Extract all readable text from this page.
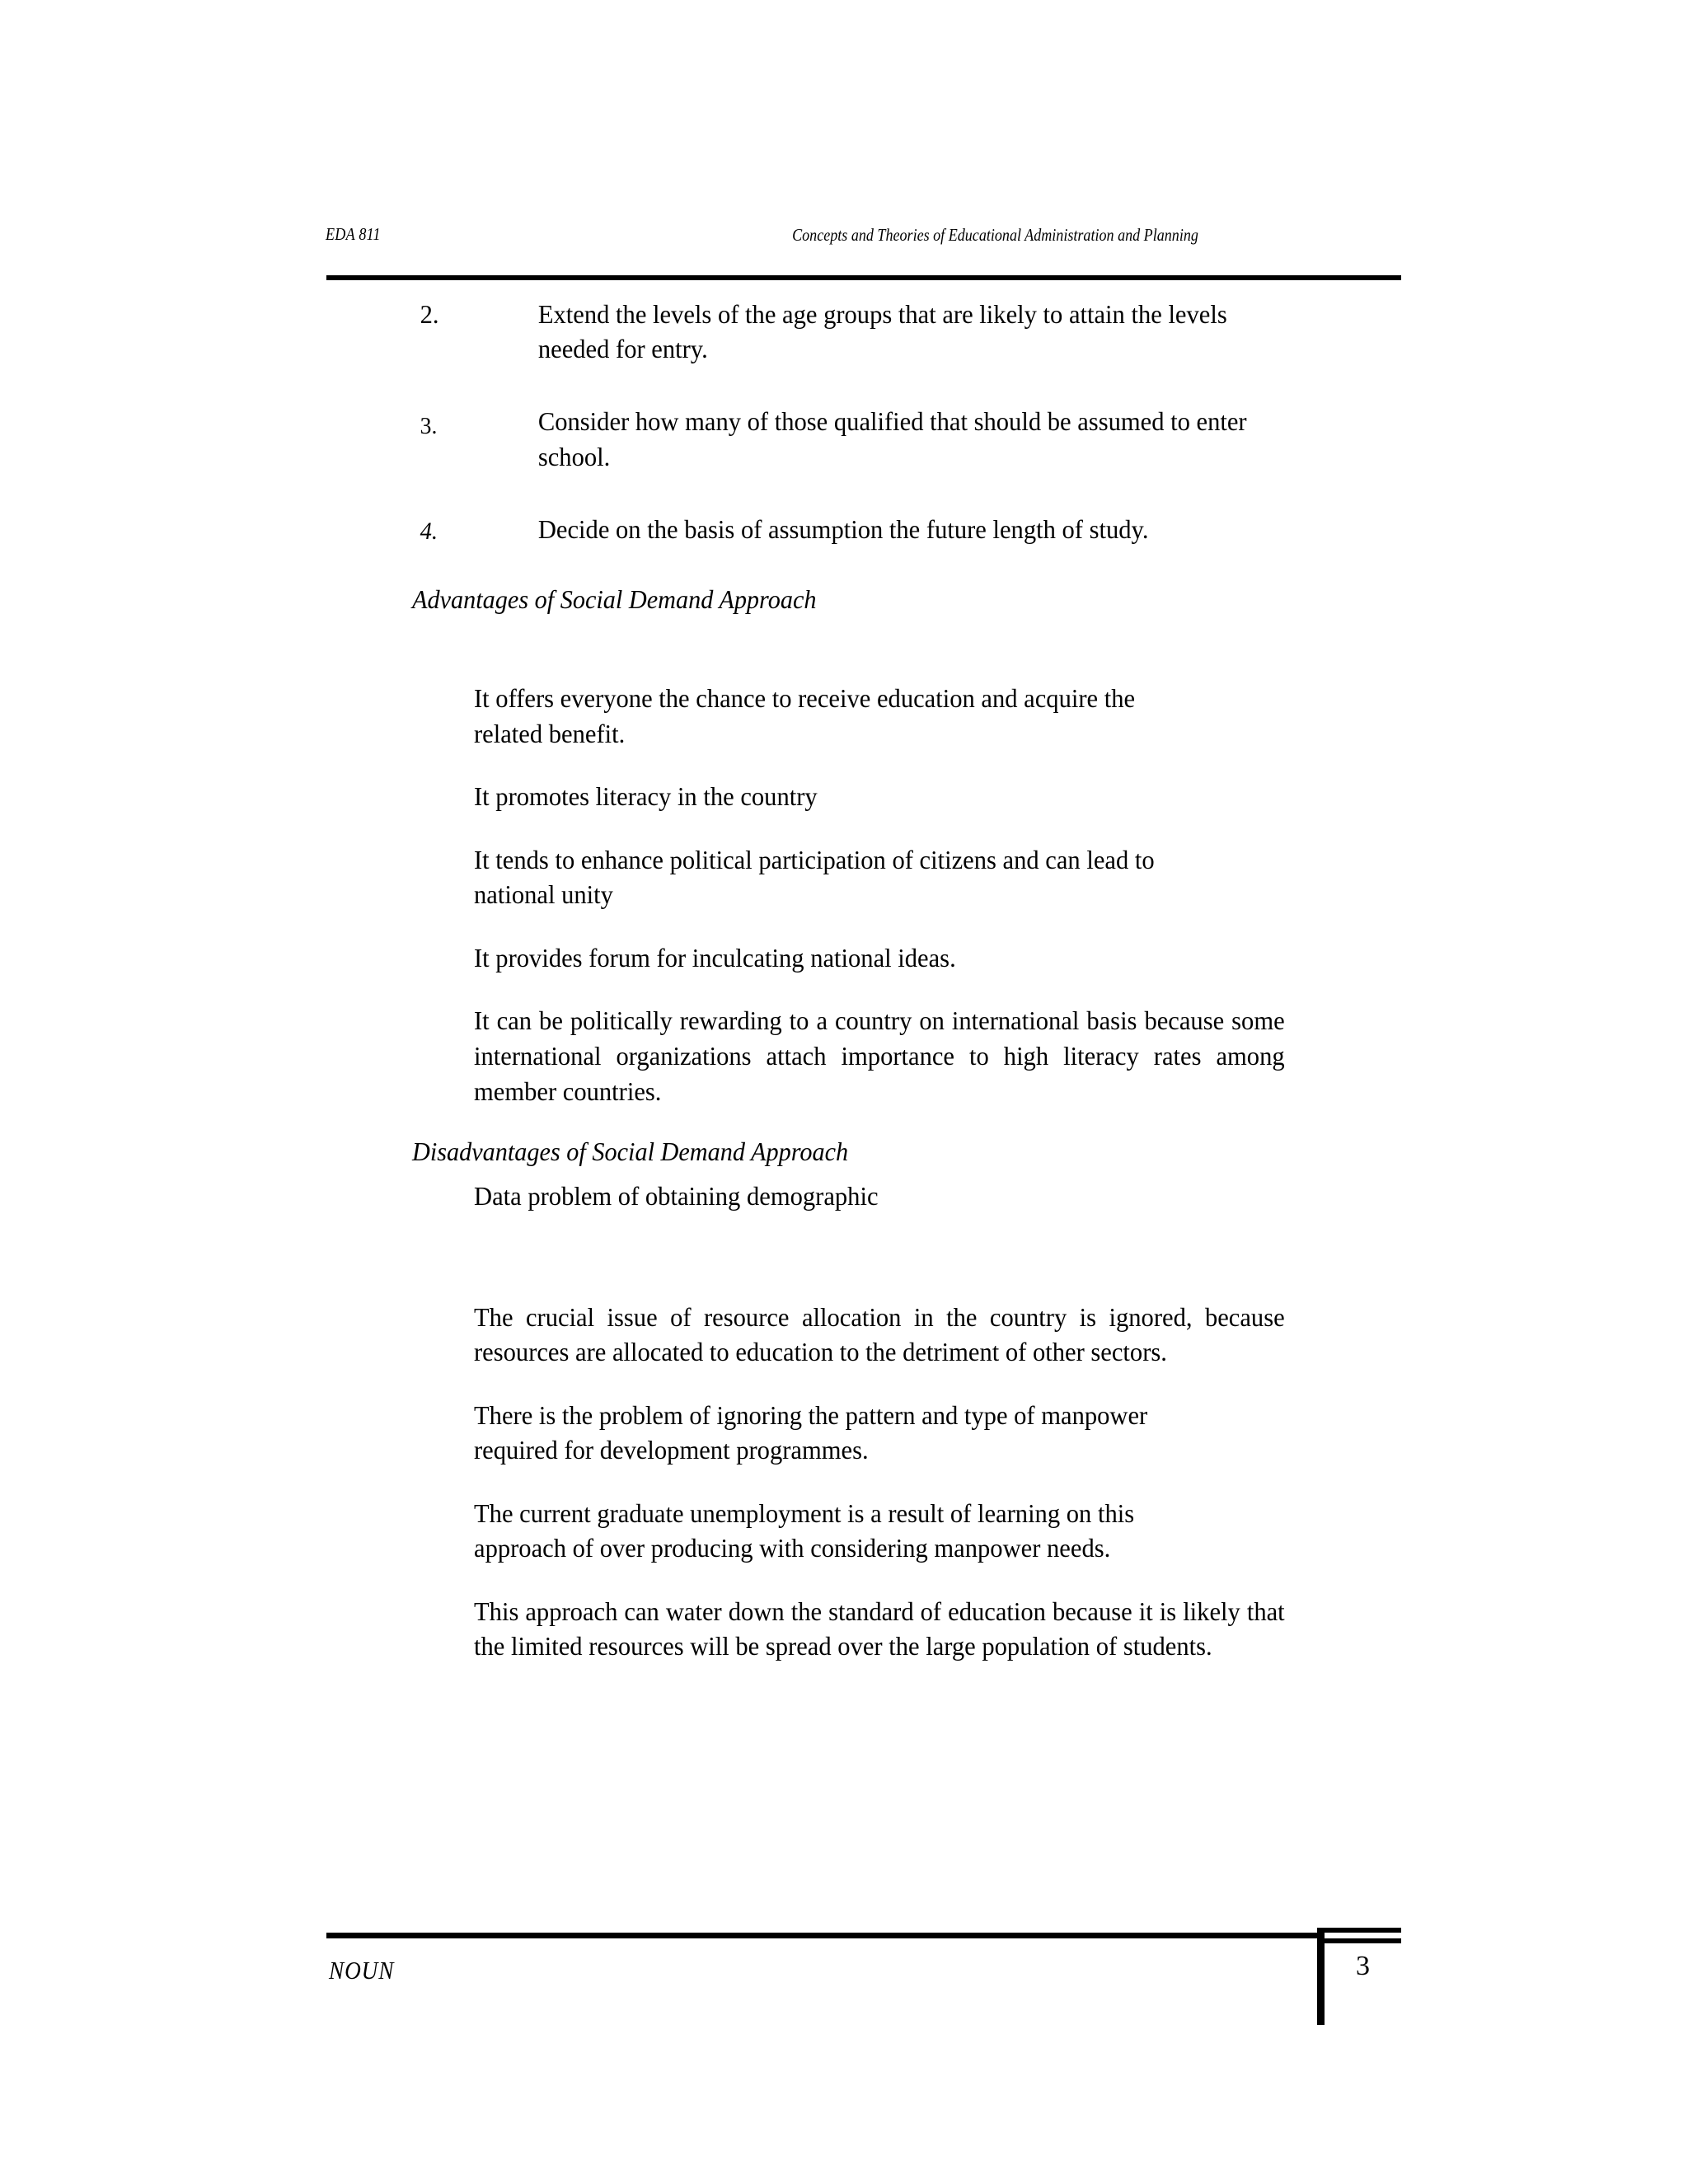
EDA 811	Concepts and Theories of Educational Administration and Planning
2.	Extend the levels of the age groups that are likely to attain the levels needed for entry.
3.	Consider how many of those qualified that should be assumed to enter school.
4.	Decide on the basis of assumption the future length of study.
Advantages of Social Demand Approach

It offers everyone the chance to receive education and acquire the related benefit.

It promotes literacy in the country

It tends to enhance political participation of citizens and can lead to national unity

It provides forum for inculcating national ideas.

It can be politically rewarding to a country on international basis because some international organizations attach importance to high literacy rates among member countries.

Disadvantages of Social Demand Approach

Data problem of obtaining demographic

The crucial issue of resource allocation in the country is ignored, because resources are allocated to education to the detriment of other sectors.

There is the problem of ignoring the pattern and type of manpower required for development programmes.

The current graduate unemployment is a result of learning on this approach of over producing with considering manpower needs.

This approach can water down the standard of education because it is likely that the limited resources will be spread over the large population of students.

NOUN	3
